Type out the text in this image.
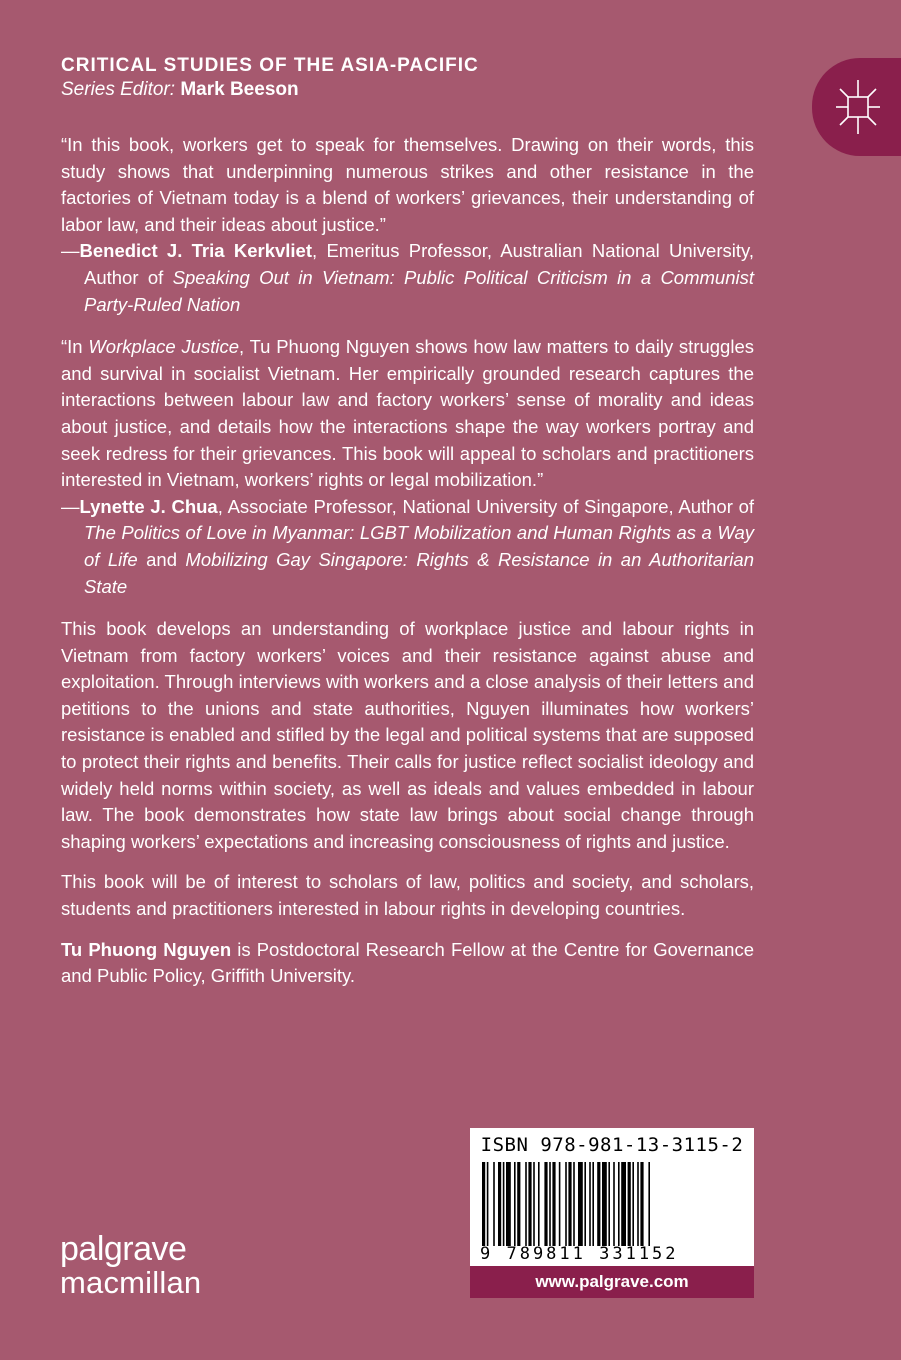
CRITICAL STUDIES OF THE ASIA-PACIFIC
Series Editor: Mark Beeson

“In this book, workers get to speak for themselves. Drawing on their words, this study shows that underpinning numerous strikes and other resistance in the factories of Vietnam today is a blend of workers’ grievances, their understanding of labor law, and their ideas about justice.”

—Benedict J. Tria Kerkvliet, Emeritus Professor, Australian National University, Author of Speaking Out in Vietnam: Public Political Criticism in a Communist Party-Ruled Nation

“In Workplace Justice, Tu Phuong Nguyen shows how law matters to daily struggles and survival in socialist Vietnam. Her empirically grounded research captures the interactions between labour law and factory workers’ sense of morality and ideas about justice, and details how the interactions shape the way workers portray and seek redress for their grievances. This book will appeal to scholars and practitioners interested in Vietnam, workers’ rights or legal mobilization.”

—Lynette J. Chua, Associate Professor, National University of Singapore, Author of The Politics of Love in Myanmar: LGBT Mobilization and Human Rights as a Way of Life and Mobilizing Gay Singapore: Rights & Resistance in an Authoritarian State

This book develops an understanding of workplace justice and labour rights in Vietnam from factory workers’ voices and their resistance against abuse and exploitation. Through interviews with workers and a close analysis of their letters and petitions to the unions and state authorities, Nguyen illuminates how workers’ resistance is enabled and stifled by the legal and political systems that are supposed to protect their rights and benefits. Their calls for justice reflect socialist ideology and widely held norms within society, as well as ideals and values embedded in labour law. The book demonstrates how state law brings about social change through shaping workers’ expectations and increasing consciousness of rights and justice.

This book will be of interest to scholars of law, politics and society, and scholars, students and practitioners interested in labour rights in developing countries.

Tu Phuong Nguyen is Postdoctoral Research Fellow at the Centre for Governance and Public Policy, Griffith University.

ISBN 978-981-13-3115-2
9 789811 331152
www.palgrave.com
palgrave
macmillan
